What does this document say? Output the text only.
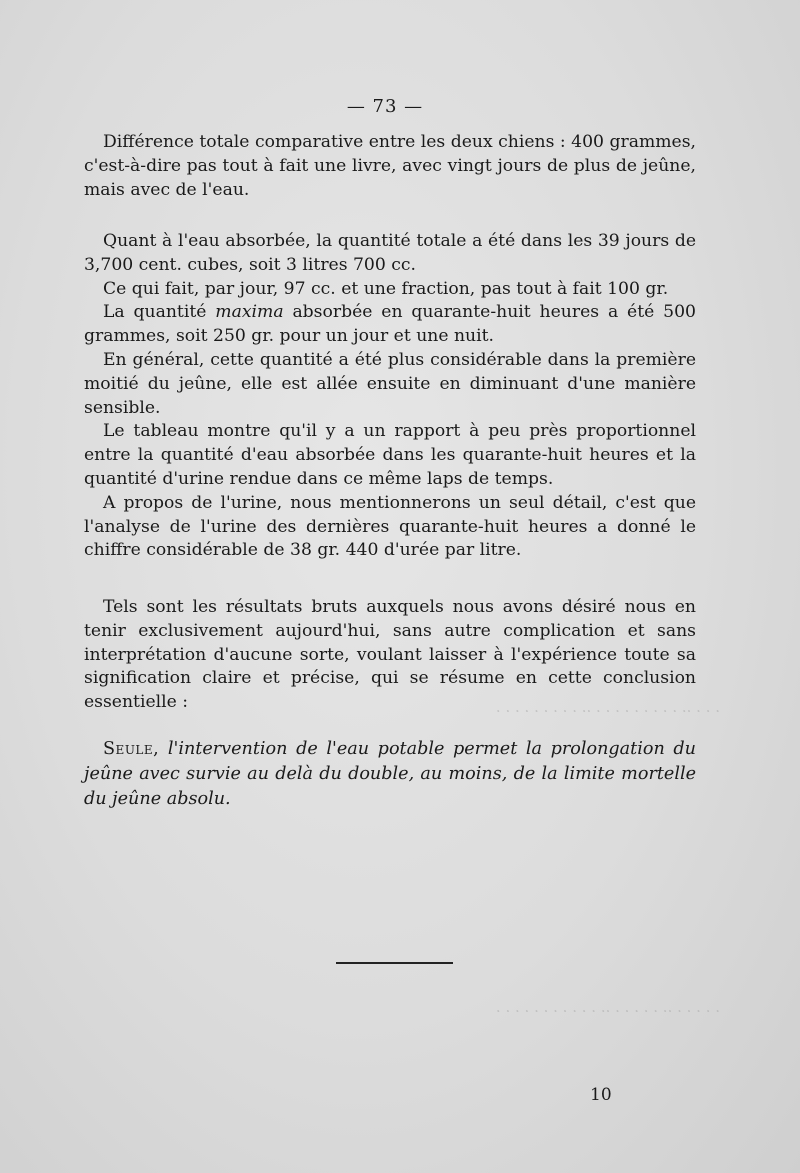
· · · ·· · · · · · · · · · ·· · · · · · · · · ·
· · · · · ·· · · · · · ·· · · · · · · · · · · ·
— 73 —

Différence totale comparative entre les deux chiens : 400 grammes, c'est-à-dire pas tout à fait une livre, avec vingt jours de plus de jeûne, mais avec de l'eau.

Quant à l'eau absorbée, la quantité totale a été dans les 39 jours de 3,700 cent. cubes, soit 3 litres 700 cc.

Ce qui fait, par jour, 97 cc. et une fraction, pas tout à fait 100 gr.

La quantité maxima absorbée en quarante-huit heures a été 500 grammes, soit 250 gr. pour un jour et une nuit.

En général, cette quantité a été plus considérable dans la première moitié du jeûne, elle est allée ensuite en diminuant d'une manière sensible.

Le tableau montre qu'il y a un rapport à peu près proportionnel entre la quantité d'eau absorbée dans les quarante-huit heures et la quantité d'urine rendue dans ce même laps de temps.

A propos de l'urine, nous mentionnerons un seul détail, c'est que l'analyse de l'urine des dernières quarante-huit heures a donné le chiffre considérable de 38 gr. 440 d'urée par litre.

Tels sont les résultats bruts auxquels nous avons désiré nous en tenir exclusivement aujourd'hui, sans autre complication et sans interprétation d'aucune sorte, voulant laisser à l'expérience toute sa signification claire et précise, qui se résume en cette conclusion essentielle :

Seule, l'intervention de l'eau potable permet la prolongation du jeûne avec survie au delà du double, au moins, de la limite mortelle du jeûne absolu.

10
